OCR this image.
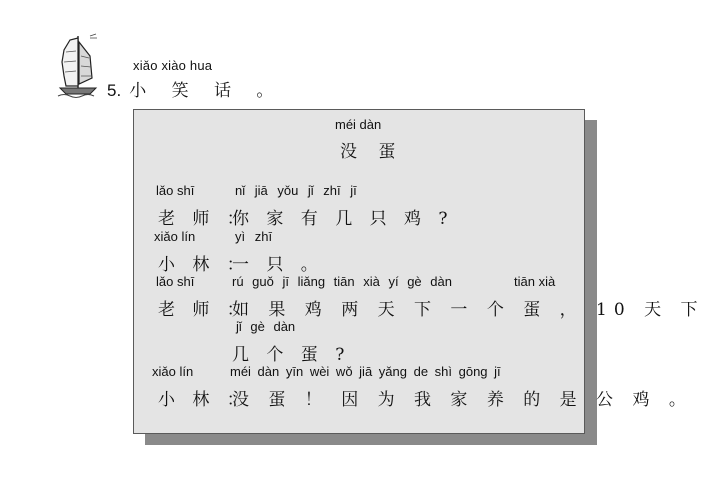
xiǎo xiào hua
5. 小 笑 话 。
méi dàn
没 蛋
lǎo shī	nǐ jiā yǒu jǐ zhī jī
老 师 ：
你 家 有 几 只 鸡 ?
xiǎo lín	yì zhī
小 林 ：
一 只 。
lǎo shī	rú guǒ jī liǎng tiān xià yí gè dàn	tiān xià
老 师 ：
如 果 鸡 两 天 下 一 个 蛋 ， 10 天 下
jǐ gè dàn
几 个 蛋 ?
xiǎo lín	méi dàn yīn wèi wǒ jiā yǎng de shì gōng jī
小 林 ：
没 蛋 ！ 因 为 我 家 养 的 是 公 鸡 。
